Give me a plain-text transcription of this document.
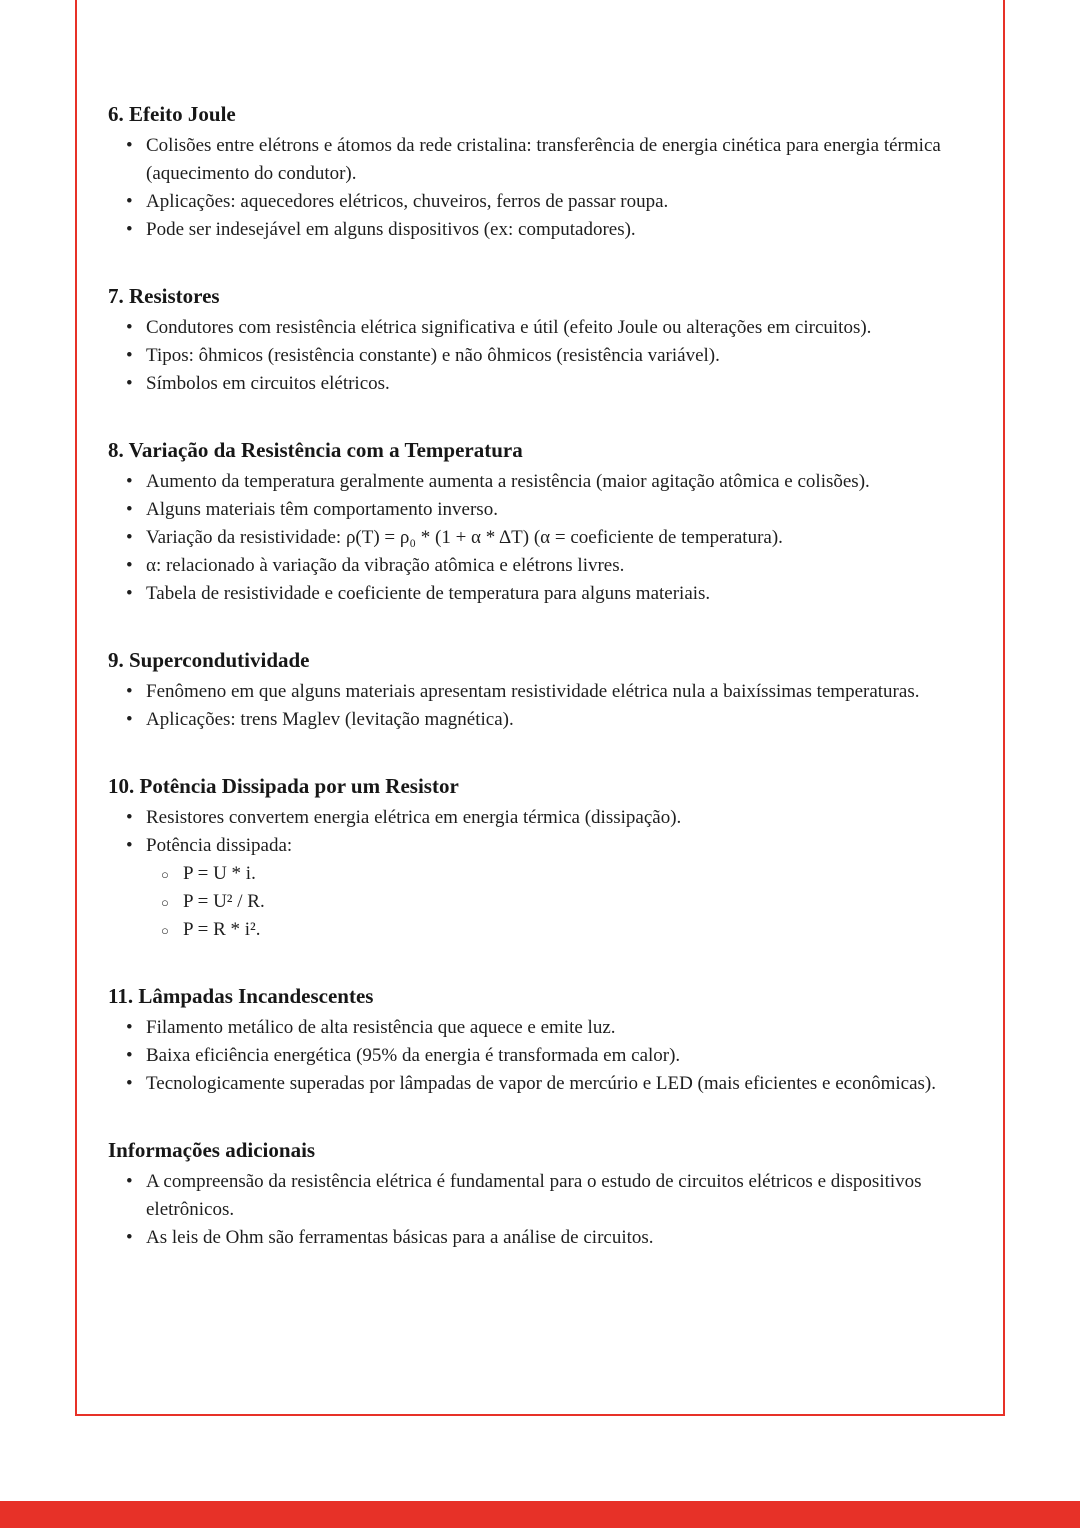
6. Efeito Joule
• Colisões entre elétrons e átomos da rede cristalina: transferência de energia cinética para energia térmica (aquecimento do condutor).
• Aplicações: aquecedores elétricos, chuveiros, ferros de passar roupa.
• Pode ser indesejável em alguns dispositivos (ex: computadores).
7. Resistores
• Condutores com resistência elétrica significativa e útil (efeito Joule ou alterações em circuitos).
• Tipos: ôhmicos (resistência constante) e não ôhmicos (resistência variável).
• Símbolos em circuitos elétricos.
8. Variação da Resistência com a Temperatura
• Aumento da temperatura geralmente aumenta a resistência (maior agitação atômica e colisões).
• Alguns materiais têm comportamento inverso.
• Variação da resistividade: ρ(T) = ρ₀ * (1 + α * ΔT) (α = coeficiente de temperatura).
• α: relacionado à variação da vibração atômica e elétrons livres.
• Tabela de resistividade e coeficiente de temperatura para alguns materiais.
9. Supercondutividade
• Fenômeno em que alguns materiais apresentam resistividade elétrica nula a baixíssimas temperaturas.
• Aplicações: trens Maglev (levitação magnética).
10. Potência Dissipada por um Resistor
• Resistores convertem energia elétrica em energia térmica (dissipação).
• Potência dissipada:
○ P = U * i.
○ P = U² / R.
○ P = R * i².
11. Lâmpadas Incandescentes
• Filamento metálico de alta resistência que aquece e emite luz.
• Baixa eficiência energética (95% da energia é transformada em calor).
• Tecnologicamente superadas por lâmpadas de vapor de mercúrio e LED (mais eficientes e econômicas).
Informações adicionais
• A compreensão da resistência elétrica é fundamental para o estudo de circuitos elétricos e dispositivos eletrônicos.
• As leis de Ohm são ferramentas básicas para a análise de circuitos.
